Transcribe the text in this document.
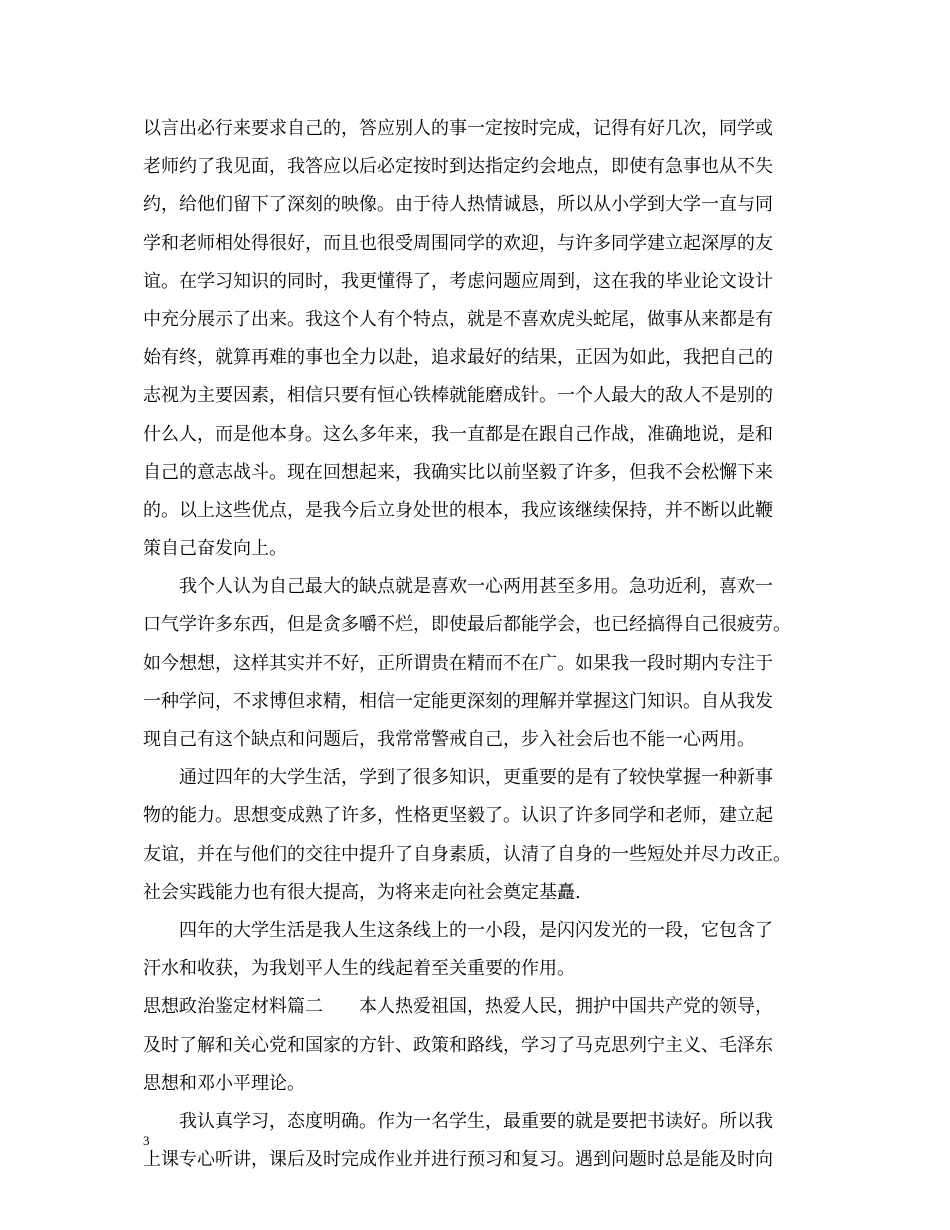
以言出必行来要求自己的，答应别人的事一定按时完成，记得有好几次，同学或
老师约了我见面，我答应以后必定按时到达指定约会地点，即使有急事也从不失
约，给他们留下了深刻的映像。由于待人热情诚恳，所以从小学到大学一直与同
学和老师相处得很好，而且也很受周围同学的欢迎，与许多同学建立起深厚的友
谊。在学习知识的同时，我更懂得了，考虑问题应周到，这在我的毕业论文设计
中充分展示了出来。我这个人有个特点，就是不喜欢虎头蛇尾，做事从来都是有
始有终，就算再难的事也全力以赴，追求最好的结果，正因为如此，我把自己的
志视为主要因素，相信只要有恒心铁棒就能磨成针。一个人最大的敌人不是别的
什么人，而是他本身。这么多年来，我一直都是在跟自己作战，准确地说，是和
自己的意志战斗。现在回想起来，我确实比以前坚毅了许多，但我不会松懈下来
的。以上这些优点，是我今后立身处世的根本，我应该继续保持，并不断以此鞭
策自己奋发向上。
　　我个人认为自己最大的缺点就是喜欢一心两用甚至多用。急功近利，喜欢一
口气学许多东西，但是贪多嚼不烂，即使最后都能学会，也已经搞得自己很疲劳。
如今想想，这样其实并不好，正所谓贵在精而不在广。如果我一段时期内专注于
一种学问，不求博但求精，相信一定能更深刻的理解并掌握这门知识。自从我发
现自己有这个缺点和问题后，我常常警戒自己，步入社会后也不能一心两用。
　　通过四年的大学生活，学到了很多知识，更重要的是有了较快掌握一种新事
物的能力。思想变成熟了许多，性格更坚毅了。认识了许多同学和老师，建立起
友谊，并在与他们的交往中提升了自身素质，认清了自身的一些短处并尽力改正。
社会实践能力也有很大提高，为将来走向社会奠定基矗.
　　四年的大学生活是我人生这条线上的一小段，是闪闪发光的一段，它包含了
汗水和收获，为我划平人生的线起着至关重要的作用。
思想政治鉴定材料篇二　　本人热爱祖国，热爱人民，拥护中国共产党的领导，
及时了解和关心党和国家的方针、政策和路线，学习了马克思列宁主义、毛泽东
思想和邓小平理论。
　　我认真学习，态度明确。作为一名学生，最重要的就是要把书读好。所以我
上课专心听讲，课后及时完成作业并进行预习和复习。遇到问题时总是能及时向
3
